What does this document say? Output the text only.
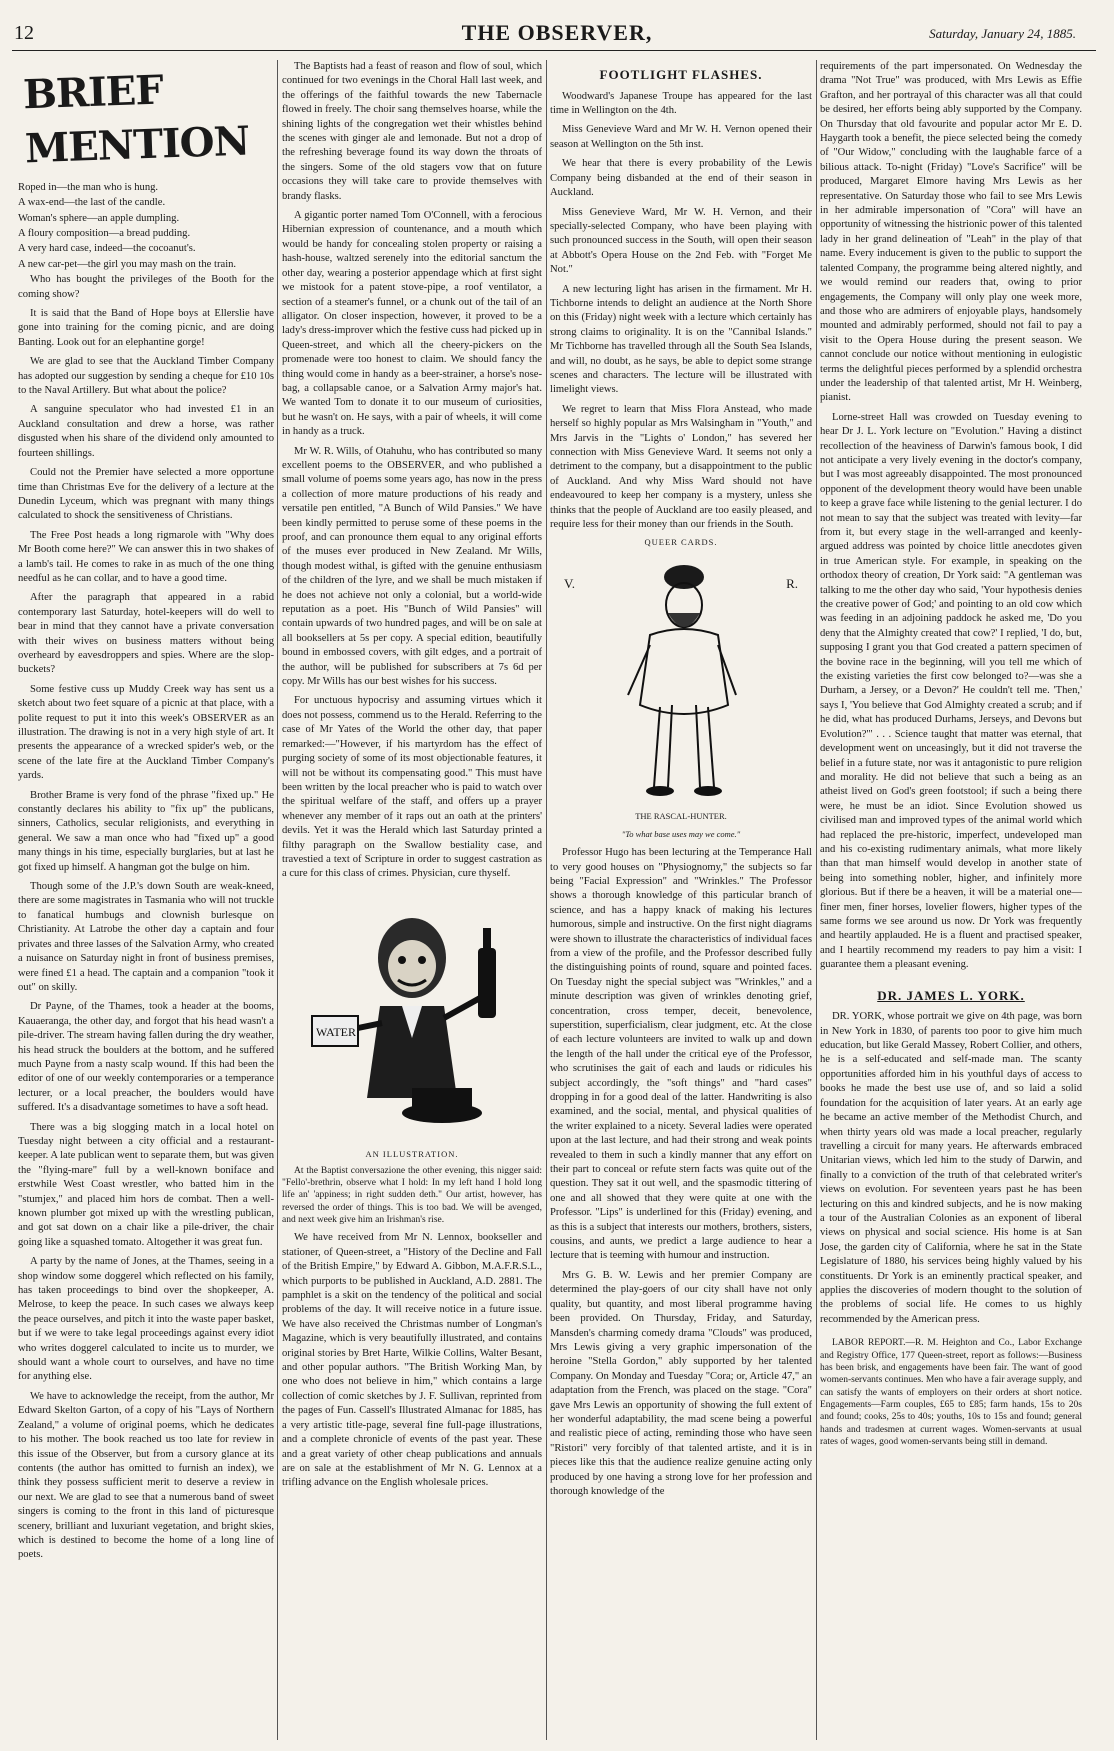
12	THE OBSERVER,	Saturday, January 24, 1885.
BRIEF MENTION

Roped in—the man who is hung.

A wax-end—the last of the candle.

Woman's sphere—an apple dumpling.

A floury composition—a bread pudding.

A very hard case, indeed—the cocoanut's.

A new car-pet—the girl you may mash on the train.

Who has bought the privileges of the Booth for the coming show?

It is said that the Band of Hope boys at Ellerslie have gone into training for the coming picnic, and are doing Banting. Look out for an elephantine gorge!

We are glad to see that the Auckland Timber Company has adopted our suggestion by sending a cheque for £10 10s to the Naval Artillery. But what about the police?

A sanguine speculator who had invested £1 in an Auckland consultation and drew a horse, was rather disgusted when his share of the dividend only amounted to fourteen shillings.

Could not the Premier have selected a more opportune time than Christmas Eve for the delivery of a lecture at the Dunedin Lyceum, which was pregnant with many things calculated to shock the sensitiveness of Christians.

The Free Post heads a long rigmarole with "Why does Mr Booth come here?" We can answer this in two shakes of a lamb's tail. He comes to rake in as much of the one thing needful as he can collar, and to have a good time.

After the paragraph that appeared in a rabid contemporary last Saturday, hotel-keepers will do well to bear in mind that they cannot have a private conversation with their wives on business matters without being overheard by eavesdroppers and spies. Where are the slop-buckets?

Some festive cuss up Muddy Creek way has sent us a sketch about two feet square of a picnic at that place, with a polite request to put it into this week's OBSERVER as an illustration. The drawing is not in a very high style of art. It presents the appearance of a wrecked spider's web, or the scene of the late fire at the Auckland Timber Company's yards.

Brother Brame is very fond of the phrase "fixed up." He constantly declares his ability to "fix up" the publicans, sinners, Catholics, secular religionists, and everything in general. We saw a man once who had "fixed up" a good many things in his time, especially burglaries, but at last he got fixed up himself. A hangman got the bulge on him.

Though some of the J.P.'s down South are weak-kneed, there are some magistrates in Tasmania who will not truckle to fanatical humbugs and clownish burlesque on Christianity. At Latrobe the other day a captain and four privates and three lasses of the Salvation Army, who created a nuisance on Saturday night in front of business premises, were fined £1 a head. The captain and a companion "took it out" on skilly.

Dr Payne, of the Thames, took a header at the booms, Kauaeranga, the other day, and forgot that his head wasn't a pile-driver. The stream having fallen during the dry weather, his head struck the boulders at the bottom, and he suffered much Payne from a nasty scalp wound. If this had been the editor of one of our weekly contemporaries or a temperance lecturer, or a local preacher, the boulders would have suffered. It's a disadvantage sometimes to have a soft head.

There was a big slogging match in a local hotel on Tuesday night between a city official and a restaurant-keeper. A late publican went to separate them, but was given the "flying-mare" full by a well-known boniface and erstwhile West Coast wrestler, who batted him in the "stumjex," and placed him hors de combat. Then a well-known plumber got mixed up with the wrestling publican, and got sat down on a chair like a pile-driver, the chair going like a squashed tomato. Altogether it was great fun.

A party by the name of Jones, at the Thames, seeing in a shop window some doggerel which reflected on his family, has taken proceedings to bind over the shopkeeper, A. Melrose, to keep the peace. In such cases we always keep the peace ourselves, and pitch it into the waste paper basket, but if we were to take legal proceedings against every idiot who writes doggerel calculated to incite us to murder, we should want a whole court to ourselves, and have no time for anything else.

We have to acknowledge the receipt, from the author, Mr Edward Skelton Garton, of a copy of his "Lays of Northern Zealand," a volume of original poems, which he dedicates to his mother. The book reached us too late for review in this issue of the Observer, but from a cursory glance at its contents (the author has omitted to furnish an index), we think they possess sufficient merit to deserve a review in our next. We are glad to see that a numerous band of sweet singers is coming to the front in this land of picturesque scenery, brilliant and luxuriant vegetation, and bright skies, which is destined to become the home of a long line of poets.

The Baptists had a feast of reason and flow of soul, which continued for two evenings in the Choral Hall last week, and the offerings of the faithful towards the new Tabernacle flowed in freely. The choir sang themselves hoarse, while the shining lights of the congregation wet their whistles behind the scenes with ginger ale and lemonade. But not a drop of the refreshing beverage found its way down the throats of the singers. Some of the old stagers vow that on future occasions they will take care to provide themselves with brandy flasks.

A gigantic porter named Tom O'Connell, with a ferocious Hibernian expression of countenance, and a mouth which would be handy for concealing stolen property or raising a hash-house, waltzed serenely into the editorial sanctum the other day, wearing a posterior appendage which at first sight we mistook for a patent stove-pipe, a roof ventilator, a section of a steamer's funnel, or a chunk out of the tail of an alligator. On closer inspection, however, it proved to be a lady's dress-improver which the festive cuss had picked up in Queen-street, and which all the cheery-pickers on the promenade were too honest to claim. We should fancy the thing would come in handy as a beer-strainer, a horse's nose-bag, a collapsable canoe, or a Salvation Army major's hat. We wanted Tom to donate it to our museum of curiosities, but he wasn't on. He says, with a pair of wheels, it will come in handy as a truck.

Mr W. R. Wills, of Otahuhu, who has contributed so many excellent poems to the OBSERVER, and who published a small volume of poems some years ago, has now in the press a collection of more mature productions of his ready and versatile pen entitled, "A Bunch of Wild Pansies." We have been kindly permitted to peruse some of these poems in the proof, and can pronounce them equal to any original efforts of the muses ever produced in New Zealand. Mr Wills, though modest withal, is gifted with the genuine enthusiasm of the children of the lyre, and we shall be much mistaken if he does not achieve not only a colonial, but a world-wide reputation as a poet. His "Bunch of Wild Pansies" will contain upwards of two hundred pages, and will be on sale at all booksellers at 5s per copy. A special edition, beautifully bound in embossed covers, with gilt edges, and a portrait of the author, will be published for subscribers at 7s 6d per copy. Mr Wills has our best wishes for his success.

For unctuous hypocrisy and assuming virtues which it does not possess, commend us to the Herald. Referring to the case of Mr Yates of the World the other day, that paper remarked:—"However, if his martyrdom has the effect of purging society of some of its most objectionable features, it will not be without its compensating good." This must have been written by the local preacher who is paid to watch over the spiritual welfare of the staff, and offers up a prayer whenever any member of it raps out an oath at the printers' devils. Yet it was the Herald which last Saturday printed a filthy paragraph on the Swallow bestiality case, and travestied a text of Scripture in order to suggest castration as a cure for this class of crimes. Physician, cure thyself.

WATER
AN ILLUSTRATION.

At the Baptist conversazione the other evening, this nigger said: "Fello'-brethrin, observe what I hold: In my left hand I hold long life an' 'appiness; in right sudden deth." Our artist, however, has reversed the order of things. This is too bad. We will be avenged, and next week give him an Irishman's rise.

We have received from Mr N. Lennox, bookseller and stationer, of Queen-street, a "History of the Decline and Fall of the British Empire," by Edward A. Gibbon, M.A.F.R.S.L., which purports to be published in Auckland, A.D. 2881. The pamphlet is a skit on the tendency of the political and social problems of the day. It will receive notice in a future issue. We have also received the Christmas number of Longman's Magazine, which is very beautifully illustrated, and contains original stories by Bret Harte, Wilkie Collins, Walter Besant, and other popular authors. "The British Working Man, by one who does not believe in him," which contains a large collection of comic sketches by J. F. Sullivan, reprinted from the pages of Fun. Cassell's Illustrated Almanac for 1885, has a very artistic title-page, several fine full-page illustrations, and a complete chronicle of events of the past year. These and a great variety of other cheap publications and annuals are on sale at the establishment of Mr N. G. Lennox at a trifling advance on the English wholesale prices.

FOOTLIGHT FLASHES.

Woodward's Japanese Troupe has appeared for the last time in Wellington on the 4th.

Miss Genevieve Ward and Mr W. H. Vernon opened their season at Wellington on the 5th inst.

We hear that there is every probability of the Lewis Company being disbanded at the end of their season in Auckland.

Miss Genevieve Ward, Mr W. H. Vernon, and their specially-selected Company, who have been playing with such pronounced success in the South, will open their season at Abbott's Opera House on the 2nd Feb. with "Forget Me Not."

A new lecturing light has arisen in the firmament. Mr H. Tichborne intends to delight an audience at the North Shore on this (Friday) night week with a lecture which certainly has strong claims to originality. It is on the "Cannibal Islands." Mr Tichborne has travelled through all the South Sea Islands, and will, no doubt, as he says, be able to depict some strange scenes and characters. The lecture will be illustrated with limelight views.

We regret to learn that Miss Flora Anstead, who made herself so highly popular as Mrs Walsingham in "Youth," and Mrs Jarvis in the "Lights o' London," has severed her connection with Miss Genevieve Ward. It seems not only a detriment to the company, but a disappointment to the public of Auckland. And why Miss Ward should not have endeavoured to keep her company is a mystery, unless she thinks that the people of Auckland are too easily pleased, and require less for their money than our friends in the South.

QUEER CARDS.
V.	R.
THE RASCAL-HUNTER.
"To what base uses may we come."

Professor Hugo has been lecturing at the Temperance Hall to very good houses on "Physiognomy," the subjects so far being "Facial Expression" and "Wrinkles." The Professor shows a thorough knowledge of this particular branch of science, and has a happy knack of making his lectures humorous, simple and instructive. On the first night diagrams were shown to illustrate the characteristics of individual faces from a view of the profile, and the Professor described fully the distinguishing points of round, square and pointed faces. On Tuesday night the special subject was "Wrinkles," and a minute description was given of wrinkles denoting grief, concentration, cross temper, deceit, benevolence, superstition, superficialism, clear judgment, etc. At the close of each lecture volunteers are invited to walk up and down the length of the hall under the critical eye of the Professor, who scrutinises the gait of each and lauds or ridicules his subject accordingly, the "soft things" and "hard cases" dropping in for a good deal of the latter. Handwriting is also examined, and the social, mental, and physical qualities of the writer explained to a nicety. Several ladies were operated upon at the last lecture, and had their strong and weak points revealed to them in such a kindly manner that any effort on their part to conceal or refute stern facts was quite out of the question. They sat it out well, and the spasmodic tittering of one and all showed that they were quite at one with the Professor. "Lips" is underlined for this (Friday) evening, and as this is a subject that interests our mothers, brothers, sisters, cousins, and aunts, we predict a large audience to hear a lecture that is teeming with humour and instruction.

Mrs G. B. W. Lewis and her premier Company are determined the play-goers of our city shall have not only quality, but quantity, and most liberal programme having been provided. On Thursday, Friday, and Saturday, Mansden's charming comedy drama "Clouds" was produced, Mrs Lewis giving a very graphic impersonation of the heroine "Stella Gordon," ably supported by her talented Company. On Monday and Tuesday "Cora; or, Article 47," an adaptation from the French, was placed on the stage. "Cora" gave Mrs Lewis an opportunity of showing the full extent of her wonderful adaptability, the mad scene being a powerful and realistic piece of acting, reminding those who have seen "Ristori" very forcibly of that talented artiste, and it is in pieces like this that the audience realize genuine acting only produced by one having a strong love for her profession and thorough knowledge of the

requirements of the part impersonated. On Wednesday the drama "Not True" was produced, with Mrs Lewis as Effie Grafton, and her portrayal of this character was all that could be desired, her efforts being ably supported by the Company. On Thursday that old favourite and popular actor Mr E. D. Haygarth took a benefit, the piece selected being the comedy of "Our Widow," concluding with the laughable farce of a bilious attack. To-night (Friday) "Love's Sacrifice" will be produced, Margaret Elmore having Mrs Lewis as her representative. On Saturday those who fail to see Mrs Lewis in her admirable impersonation of "Cora" will have an opportunity of witnessing the histrionic power of this talented lady in her grand delineation of "Leah" in the play of that name. Every inducement is given to the public to support the talented Company, the programme being altered nightly, and we would remind our readers that, owing to prior engagements, the Company will only play one week more, and those who are admirers of enjoyable plays, handsomely mounted and admirably performed, should not fail to pay a visit to the Opera House during the present season. We cannot conclude our notice without mentioning in eulogistic terms the delightful pieces performed by a splendid orchestra under the leadership of that talented artist, Mr H. Weinberg, pianist.

Lorne-street Hall was crowded on Tuesday evening to hear Dr J. L. York lecture on "Evolution." Having a distinct recollection of the heaviness of Darwin's famous book, I did not anticipate a very lively evening in the doctor's company, but I was most agreeably disappointed. The most pronounced opponent of the development theory would have been unable to keep a grave face while listening to the genial lecturer. I do not mean to say that the subject was treated with levity—far from it, but every stage in the well-arranged and keenly-argued address was pointed by choice little anecdotes given in true American style. For example, in speaking on the orthodox theory of creation, Dr York said: "A gentleman was talking to me the other day who said, 'Your hypothesis denies the creative power of God;' and pointing to an old cow which was feeding in an adjoining paddock he asked me, 'Do you deny that the Almighty created that cow?' I replied, 'I do, but, supposing I grant you that God created a pattern specimen of the bovine race in the beginning, will you tell me which of the existing varieties the first cow belonged to?—was she a Durham, a Jersey, or a Devon?' He couldn't tell me. 'Then,' says I, 'You believe that God Almighty created a scrub; and if he did, what has produced Durhams, Jerseys, and Devons but Evolution?'" . . . Science taught that matter was eternal, that development went on unceasingly, but it did not traverse the belief in a future state, nor was it antagonistic to pure religion and morality. He did not believe that such a being as an atheist lived on God's green footstool; if such a being there were, he must be an idiot. Since Evolution showed us civilised man and improved types of the animal world which had replaced the pre-historic, imperfect, undeveloped man and his co-existing rudimentary animals, what more likely than that man himself would develop in another state of being into something nobler, higher, and infinitely more glorious. But if there be a heaven, it will be a material one—finer men, finer horses, lovelier flowers, higher types of the same forms we see around us now. Dr York was frequently and heartily applauded. He is a fluent and practised speaker, and I heartily recommend my readers to pay him a visit: I guarantee them a pleasant evening.

DR. JAMES L. YORK.

DR. YORK, whose portrait we give on 4th page, was born in New York in 1830, of parents too poor to give him much education, but like Gerald Massey, Robert Collier, and others, he is a self-educated and self-made man. The scanty opportunities afforded him in his youthful days of access to books he made the best use use of, and so laid a solid foundation for the acquisition of later years. At an early age he became an active member of the Methodist Church, and when thirty years old was made a local preacher, regularly travelling a circuit for many years. He afterwards embraced Unitarian views, which led him to the study of Darwin, and finally to a conviction of the truth of that celebrated writer's views on evolution. For seventeen years past he has been lecturing on this and kindred subjects, and he is now making a tour of the Australian Colonies as an exponent of liberal views on physical and social science. His home is at San Jose, the garden city of California, where he sat in the State Legislature of 1880, his services being highly valued by his constituents. Dr York is an eminently practical speaker, and applies the discoveries of modern thought to the solution of the problems of social life. He comes to us highly recommended by the American press.

LABOR REPORT.—R. M. Heighton and Co., Labor Exchange and Registry Office, 177 Queen-street, report as follows:—Business has been brisk, and engagements have been fair. The want of good women-servants continues. Men who have a fair average supply, and can satisfy the wants of employers on their orders at short notice. Engagements—Farm couples, £65 to £85; farm hands, 15s to 20s and found; cooks, 25s to 40s; youths, 10s to 15s and found; general hands and tradesmen at current wages. Women-servants at usual rates of wages, good women-servants being still in demand.
